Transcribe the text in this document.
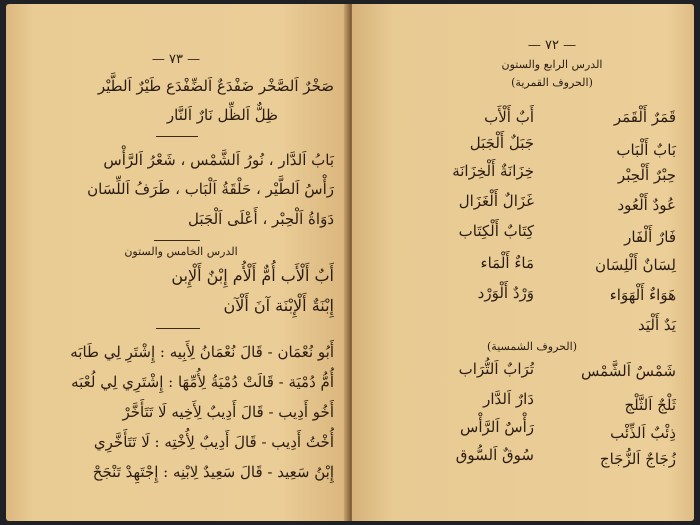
— ٧٣ —
صَخْرٌ اَلصَّخْر ضَفْدَعٌ اَلضِّفْدَع طَيْرٌ اَلطَّيْر
ظِلٌّ اَلظِّل نَارٌ اَلنَّار
بَابُ اَلدَّار ، نُورُ اَلشَّمْس ، شَعْرُ اَلرَّأْس
رَأْسُ اَلطَّيْر ، حَلْقَةُ اَلْبَاب ، طَرَفُ اَللِّسَان
دَوَاةُ اَلْحِبْر ، أَعْلَى اَلْجَبَل
الدرس الخامس والستون
أَبٌ أَلْأَب أُمٌّ أَلْأُم إِبْنٌ أَلْإِبن
إِبْنَةٌ أَلْإِبْنَة آنَ أَلْآن
أَبُو نُعْمَان - قَالَ نُعْمَانُ لِأَبِيه : إِشْتَرِ لِي طَابَه
أُمُّ دُمْيَة - قَالَتْ دُمْيَةُ لِأُمِّهَا : إِشْتَرِي لِي لُعْبَه
أَخُو أَدِيب - قَالَ أَدِيبٌ لِأَخِيه لَا تَتَأَخَّرْ
أُخْتُ أَدِيب - قَالَ أَدِيبٌ لِأُخْتِه : لَا تَتَأَخَّرِي
إِبْنُ سَعِيد - قَالَ سَعِيدٌ لِابْنِه : إِجْتَهِدْ تَنْجَحْ
— ٧٢ —
الدرس الرابع والستون
(الحروف القمرية)
قَمَرٌ أَلْقَمَر
بَابٌ أَلْبَاب
حِبْرٌ أَلْحِبْر
عُودٌ أَلْعُود
فَارٌ أَلْفَار
لِسَانٌ أَلْلِسَان
هَوَاءٌ أَلْهَوَاء
يَدٌ أَلْيَد
أَبٌ أَلْأَب
جَبَلٌ أَلْجَبَل
خِزَانَةٌ أَلْخِزَانَة
غَزَالٌ أَلْغَزَال
كِتَابٌ أَلْكِتَاب
مَاءٌ أَلْمَاء
وَرْدٌ أَلْوَرْد
(الحروف الشمسية)
شَمْسٌ اَلشَّمْس
ثَلْجٌ اَلثَّلْج
ذِئْبٌ اَلذِّئْب
زُجَاجٌ اَلزُّجَاج
تُرَابٌ اَلتُّرَاب
دَارٌ اَلدَّار
رَأْسٌ اَلرَّأْس
سُوقٌ اَلسُّوق
